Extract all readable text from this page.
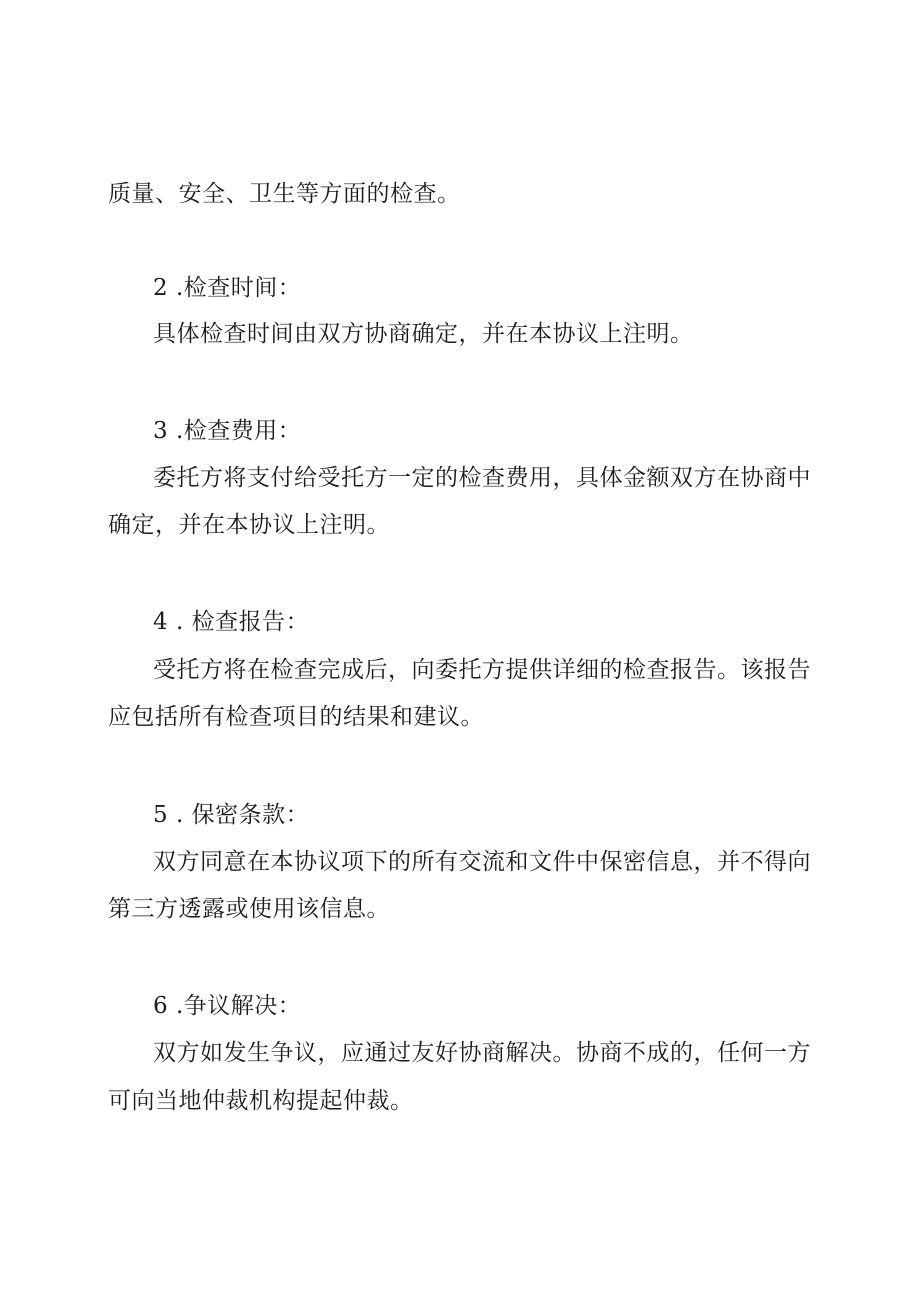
质量、安全、卫生等方面的检查。
2 .检查时间：
具体检查时间由双方协商确定，并在本协议上注明。
3 .检查费用：
委托方将支付给受托方一定的检查费用，具体金额双方在协商中
确定，并在本协议上注明。
4 . 检查报告：
受托方将在检查完成后，向委托方提供详细的检查报告。该报告
应包括所有检查项目的结果和建议。
5 . 保密条款：
双方同意在本协议项下的所有交流和文件中保密信息，并不得向
第三方透露或使用该信息。
6 .争议解决：
双方如发生争议，应通过友好协商解决。协商不成的，任何一方
可向当地仲裁机构提起仲裁。
